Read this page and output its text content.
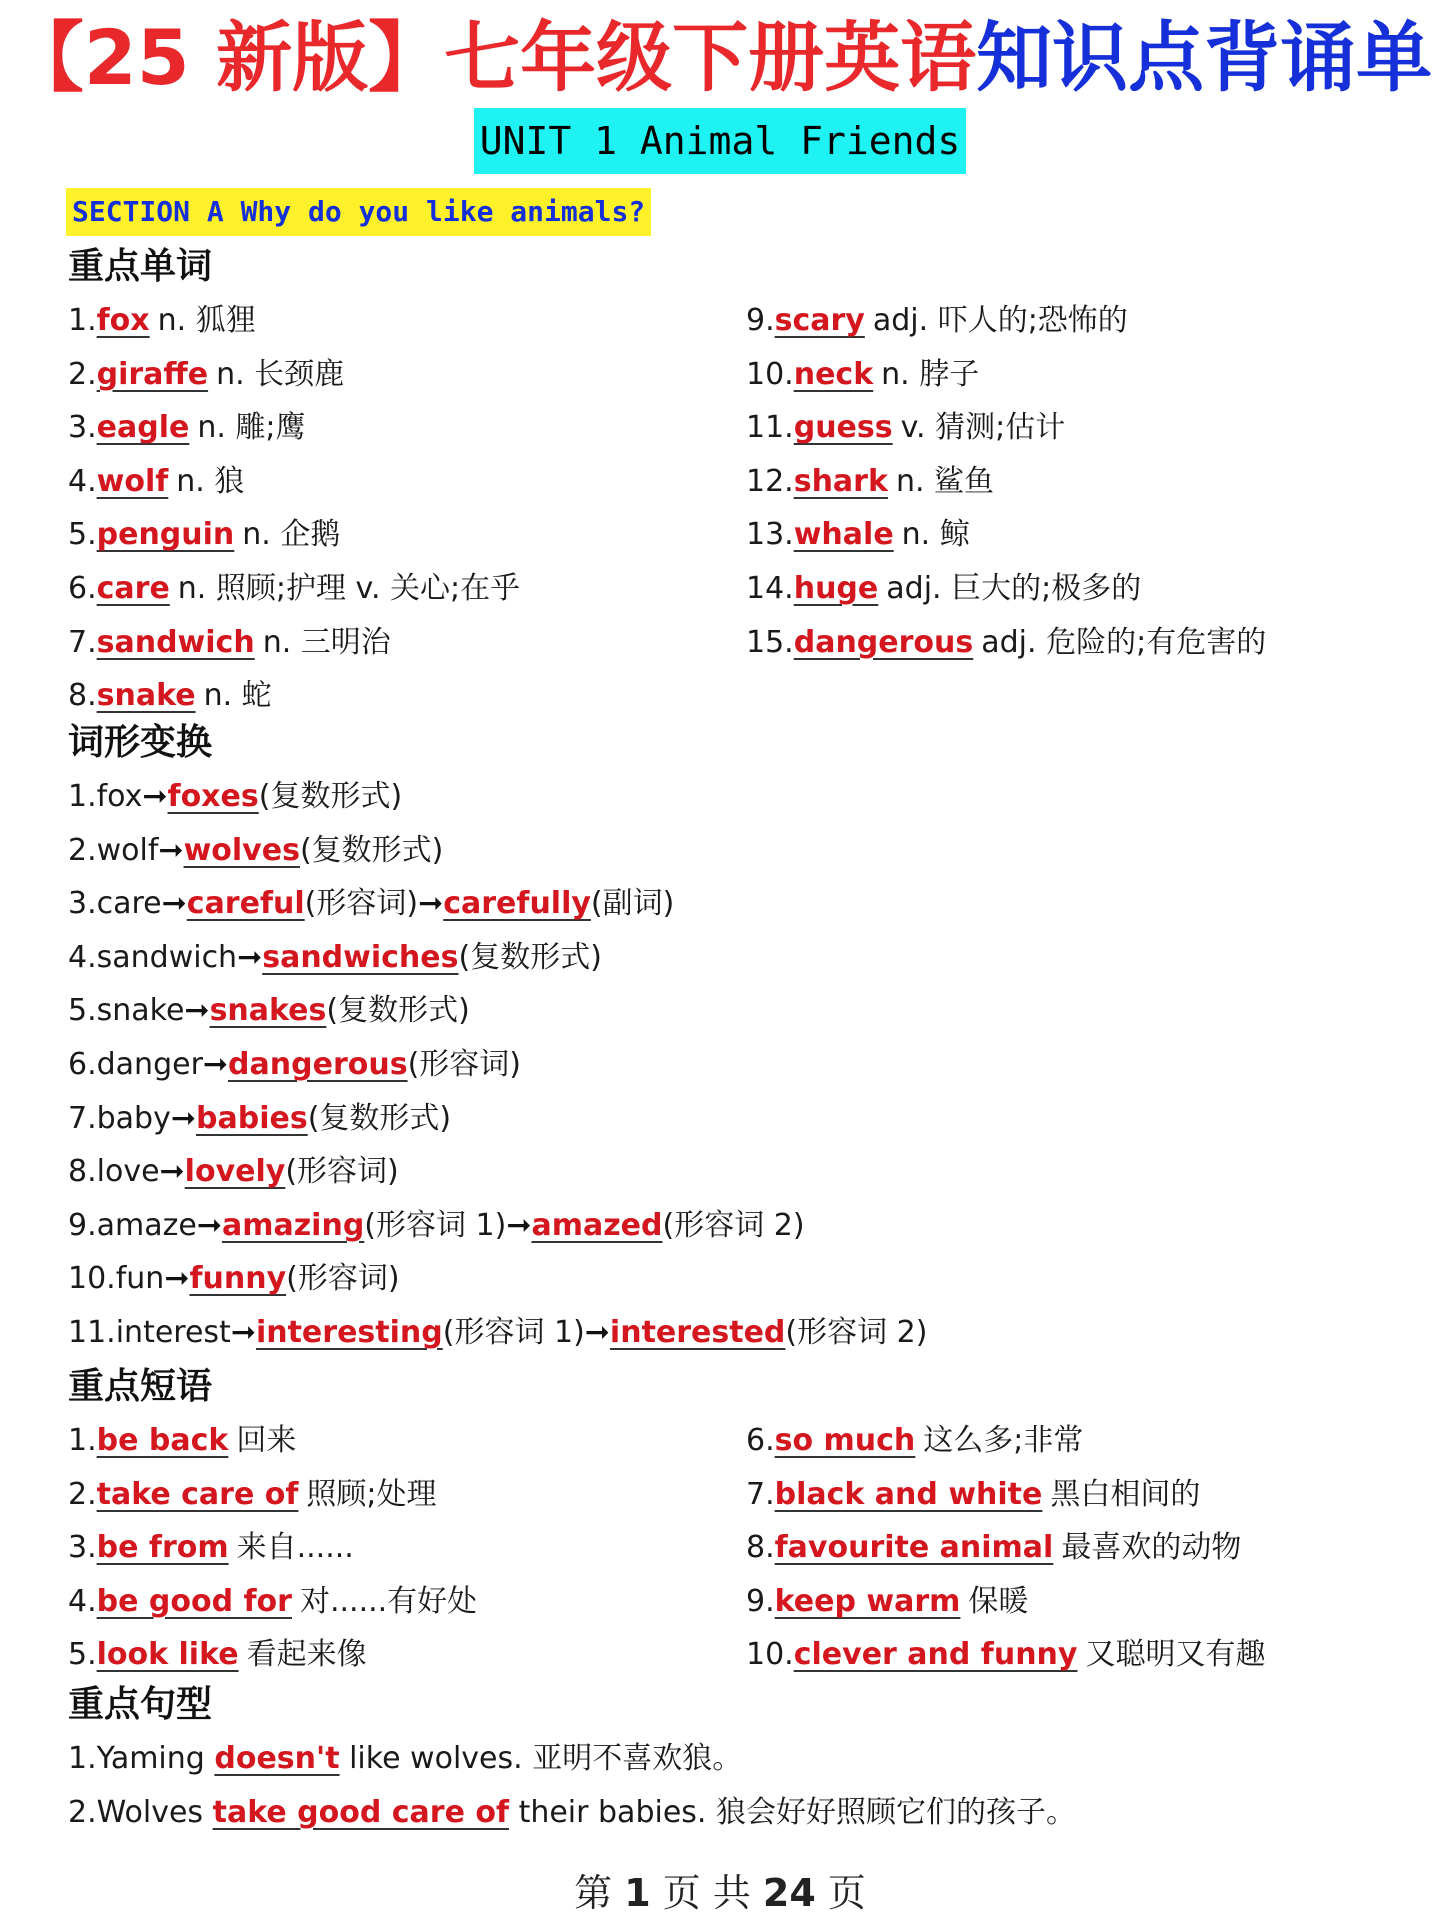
【25 新版】七年级下册英语知识点背诵单
UNIT 1 Animal Friends
SECTION A Why do you like animals?
重点单词
1.fox n. 狐狸
2.giraffe n. 长颈鹿
3.eagle n. 雕;鹰
4.wolf n. 狼
5.penguin n. 企鹅
6.care n. 照顾;护理 v. 关心;在乎
7.sandwich n. 三明治
8.snake n. 蛇
9.scary adj. 吓人的;恐怖的
10.neck n. 脖子
11.guess v. 猜测;估计
12.shark n. 鲨鱼
13.whale n. 鲸
14.huge adj. 巨大的;极多的
15.dangerous adj. 危险的;有危害的
词形变换
1.fox➞foxes(复数形式)
2.wolf➞wolves(复数形式)
3.care➞careful(形容词)➞carefully(副词)
4.sandwich➞sandwiches(复数形式)
5.snake➞snakes(复数形式)
6.danger➞dangerous(形容词)
7.baby➞babies(复数形式)
8.love➞lovely(形容词)
9.amaze➞amazing(形容词 1)➞amazed(形容词 2)
10.fun➞funny(形容词)
11.interest➞interesting(形容词 1)➞interested(形容词 2)
重点短语
1.be back 回来
2.take care of 照顾;处理
3.be from 来自......
4.be good for 对......有好处
5.look like 看起来像
6.so much 这么多;非常
7.black and white 黑白相间的
8.favourite animal 最喜欢的动物
9.keep warm 保暖
10.clever and funny 又聪明又有趣
重点句型
1.Yaming doesn't like wolves. 亚明不喜欢狼。
2.Wolves take good care of their babies. 狼会好好照顾它们的孩子。
第 1 页 共 24 页
